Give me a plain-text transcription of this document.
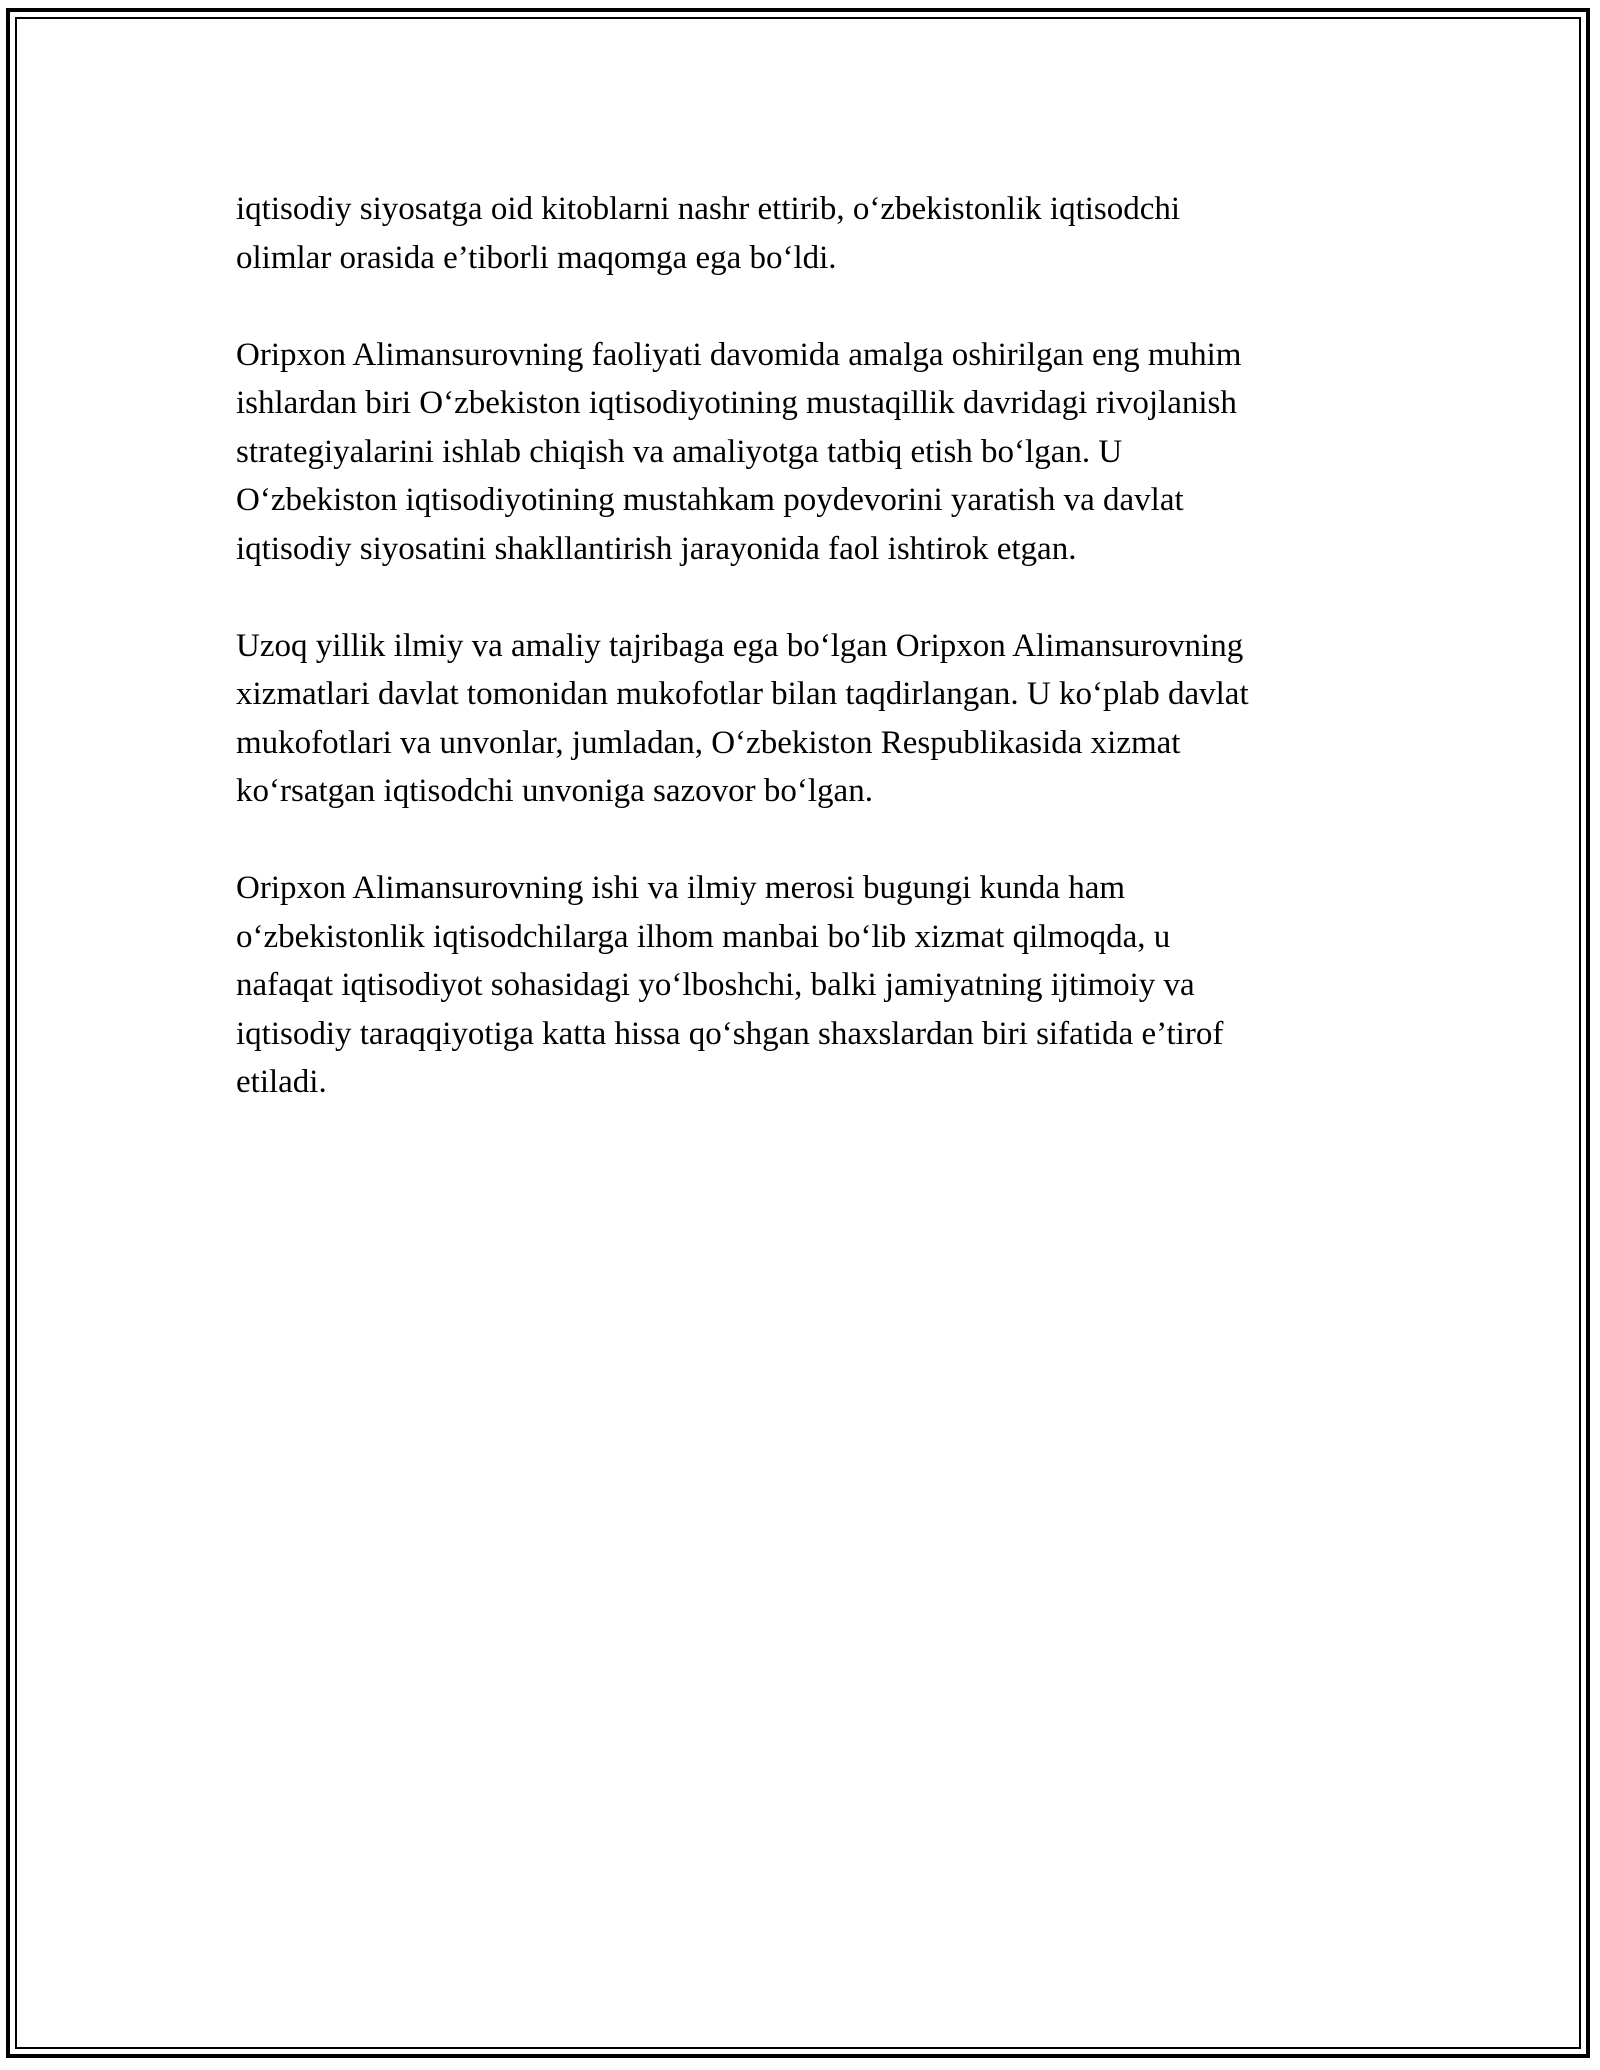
iqtisodiy siyosatga oid kitoblarni nashr ettirib, o‘zbekistonlik iqtisodchi
olimlar orasida e’tiborli maqomga ega bo‘ldi.

Oripxon Alimansurovning faoliyati davomida amalga oshirilgan eng muhim
ishlardan biri O‘zbekiston iqtisodiyotining mustaqillik davridagi rivojlanish
strategiyalarini ishlab chiqish va amaliyotga tatbiq etish bo‘lgan. U
O‘zbekiston iqtisodiyotining mustahkam poydevorini yaratish va davlat
iqtisodiy siyosatini shakllantirish jarayonida faol ishtirok etgan.

Uzoq yillik ilmiy va amaliy tajribaga ega bo‘lgan Oripxon Alimansurovning
xizmatlari davlat tomonidan mukofotlar bilan taqdirlangan. U ko‘plab davlat
mukofotlari va unvonlar, jumladan, O‘zbekiston Respublikasida xizmat
ko‘rsatgan iqtisodchi unvoniga sazovor bo‘lgan.

Oripxon Alimansurovning ishi va ilmiy merosi bugungi kunda ham
o‘zbekistonlik iqtisodchilarga ilhom manbai bo‘lib xizmat qilmoqda, u
nafaqat iqtisodiyot sohasidagi yo‘lboshchi, balki jamiyatning ijtimoiy va
iqtisodiy taraqqiyotiga katta hissa qo‘shgan shaxslardan biri sifatida e’tirof
etiladi.
